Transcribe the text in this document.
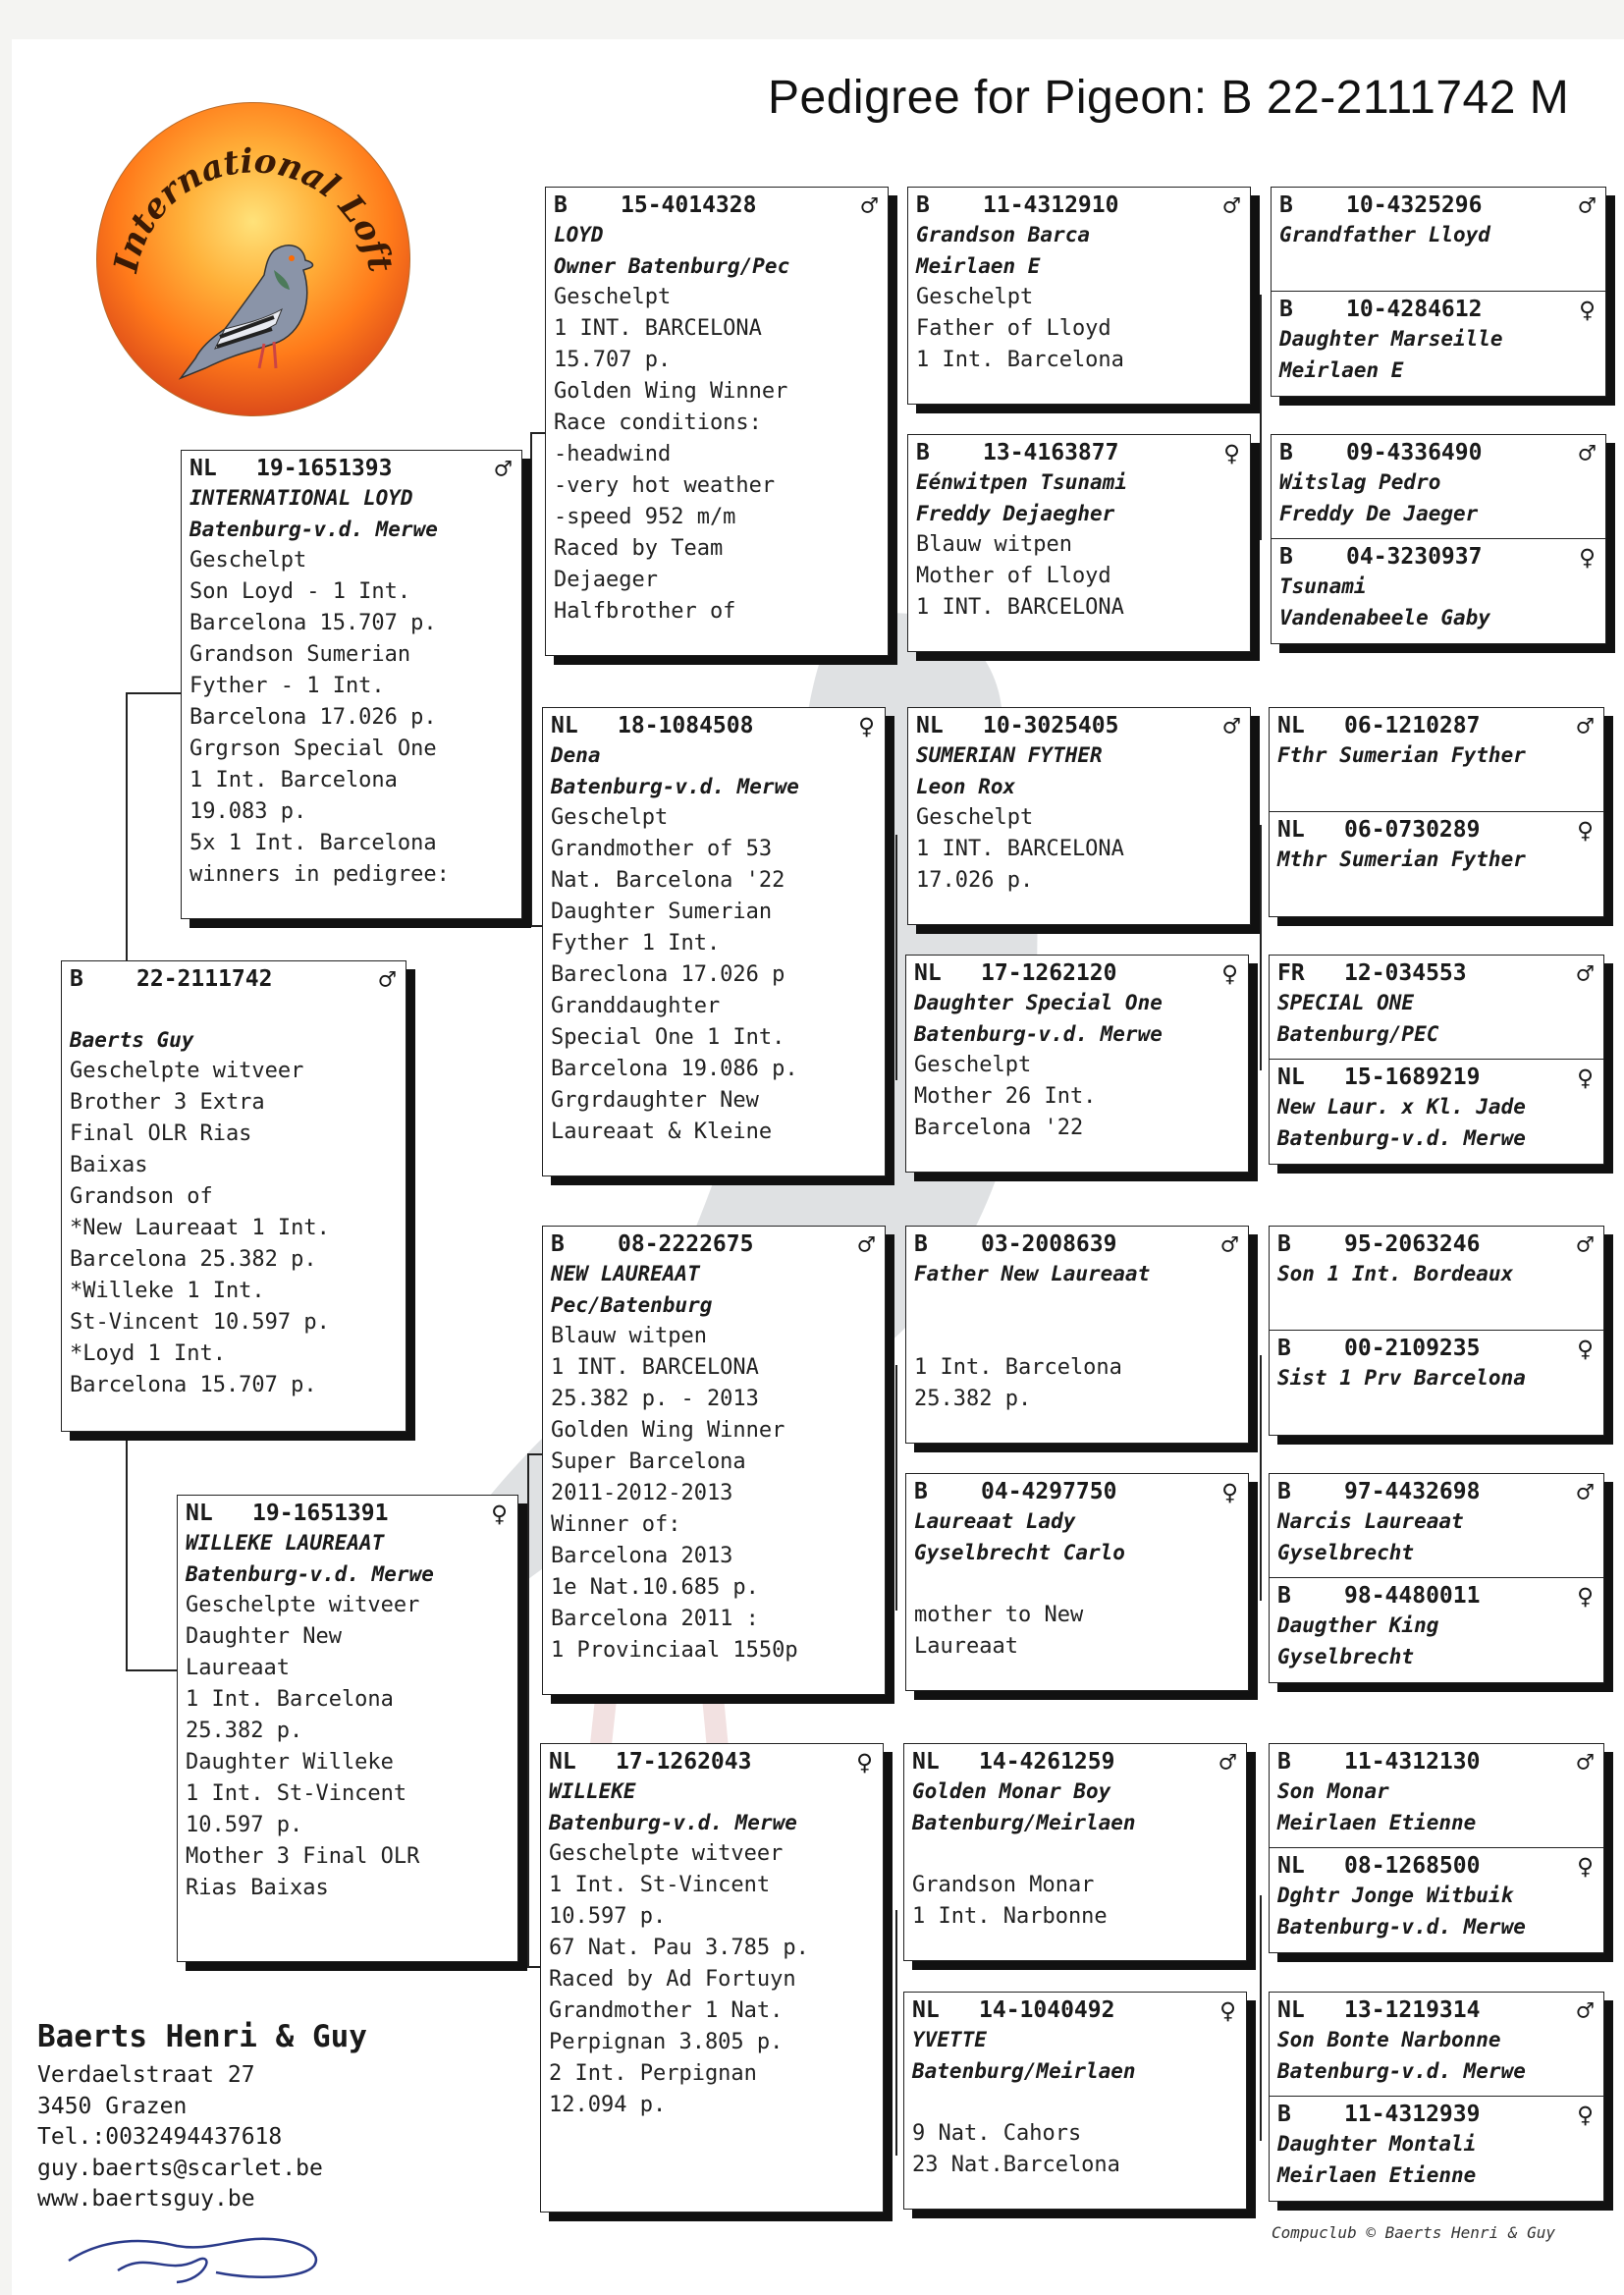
Pedigree for Pigeon: B 22-2111742 M
International Loft
B 22-2111742	♂

Baerts Guy
Geschelpte witveer
Brother 3 Extra
Final OLR Rias
Baixas
Grandson of
*New Laureaat 1 Int.
Barcelona 25.382 p.
*Willeke 1 Int.
St-Vincent 10.597 p.
*Loyd 1 Int.
Barcelona 15.707 p.
NL 19-1651393	♂
INTERNATIONAL LOYD
Batenburg-v.d. Merwe
Geschelpt
Son Loyd - 1 Int.
Barcelona 15.707 p.
Grandson Sumerian
Fyther - 1 Int.
Barcelona 17.026 p.
Grgrson Special One
1 Int. Barcelona
19.083 p.
5x 1 Int. Barcelona
winners in pedigree:
NL 19-1651391	♀
WILLEKE LAUREAAT
Batenburg-v.d. Merwe
Geschelpte witveer
Daughter New
Laureaat
1 Int. Barcelona
25.382 p.
Daughter Willeke
1 Int. St-Vincent
10.597 p.
Mother 3 Final OLR
Rias Baixas
B 15-4014328	♂
LOYD
Owner Batenburg/Pec
Geschelpt
1 INT. BARCELONA
15.707 p.
Golden Wing Winner
Race conditions:
-headwind
-very hot weather
-speed 952 m/m
Raced by Team
Dejaeger
Halfbrother of
NL 18-1084508	♀
Dena
Batenburg-v.d. Merwe
Geschelpt
Grandmother of 53
Nat. Barcelona '22
Daughter Sumerian
Fyther 1 Int.
Bareclona 17.026 p
Granddaughter
Special One 1 Int.
Barcelona 19.086 p.
Grgrdaughter New
Laureaat & Kleine
B 08-2222675	♂
NEW LAUREAAT
Pec/Batenburg
Blauw witpen
1 INT. BARCELONA
25.382 p. - 2013
Golden Wing Winner
Super Barcelona
2011-2012-2013
Winner of:
Barcelona 2013
1e Nat.10.685 p.
Barcelona 2011 :
1 Provinciaal 1550p
NL 17-1262043	♀
WILLEKE
Batenburg-v.d. Merwe
Geschelpte witveer
1 Int. St-Vincent
10.597 p.
67 Nat. Pau 3.785 p.
Raced by Ad Fortuyn
Grandmother 1 Nat.
Perpignan 3.805 p.
2 Int. Perpignan
12.094 p.
B 11-4312910	♂
Grandson Barca
Meirlaen E
Geschelpt
Father of Lloyd
1 Int. Barcelona
B 13-4163877	♀
Eénwitpen Tsunami
Freddy Dejaegher
Blauw witpen
Mother of Lloyd
1 INT. BARCELONA
NL 10-3025405	♂
SUMERIAN FYTHER
Leon Rox
Geschelpt
1 INT. BARCELONA
17.026 p.
NL 17-1262120	♀
Daughter Special One
Batenburg-v.d. Merwe
Geschelpt
Mother 26 Int.
Barcelona '22
B 03-2008639	♂
Father New Laureaat

1 Int. Barcelona
25.382 p.
B 04-4297750	♀
Laureaat Lady
Gyselbrecht Carlo

mother to New
Laureaat
NL 14-4261259	♂
Golden Monar Boy
Batenburg/Meirlaen

Grandson Monar
1 Int. Narbonne
NL 14-1040492	♀
YVETTE
Batenburg/Meirlaen

9 Nat. Cahors
23 Nat.Barcelona
B 10-4325296	♂
Grandfather Lloyd
B 10-4284612	♀
Daughter Marseille
Meirlaen E
B 09-4336490	♂
Witslag Pedro
Freddy De Jaeger
B 04-3230937	♀
Tsunami
Vandenabeele Gaby
NL 06-1210287	♂
Fthr Sumerian Fyther
NL 06-0730289	♀
Mthr Sumerian Fyther
FR 12-034553	♂
SPECIAL ONE
Batenburg/PEC
NL 15-1689219	♀
New Laur. x Kl. Jade
Batenburg-v.d. Merwe
B 95-2063246	♂
Son 1 Int. Bordeaux
B 00-2109235	♀
Sist 1 Prv Barcelona
B 97-4432698	♂
Narcis Laureaat
Gyselbrecht
B 98-4480011	♀
Daugther King
Gyselbrecht
B 11-4312130	♂
Son Monar
Meirlaen Etienne
NL 08-1268500	♀
Dghtr Jonge Witbuik
Batenburg-v.d. Merwe
NL 13-1219314	♂
Son Bonte Narbonne
Batenburg-v.d. Merwe
B 11-4312939	♀
Daughter Montali
Meirlaen Etienne
Baerts Henri & Guy
Verdaelstraat 27
3450 Grazen
Tel.:0032494437618
guy.baerts@scarlet.be
www.baertsguy.be
Compuclub © Baerts Henri & Guy
